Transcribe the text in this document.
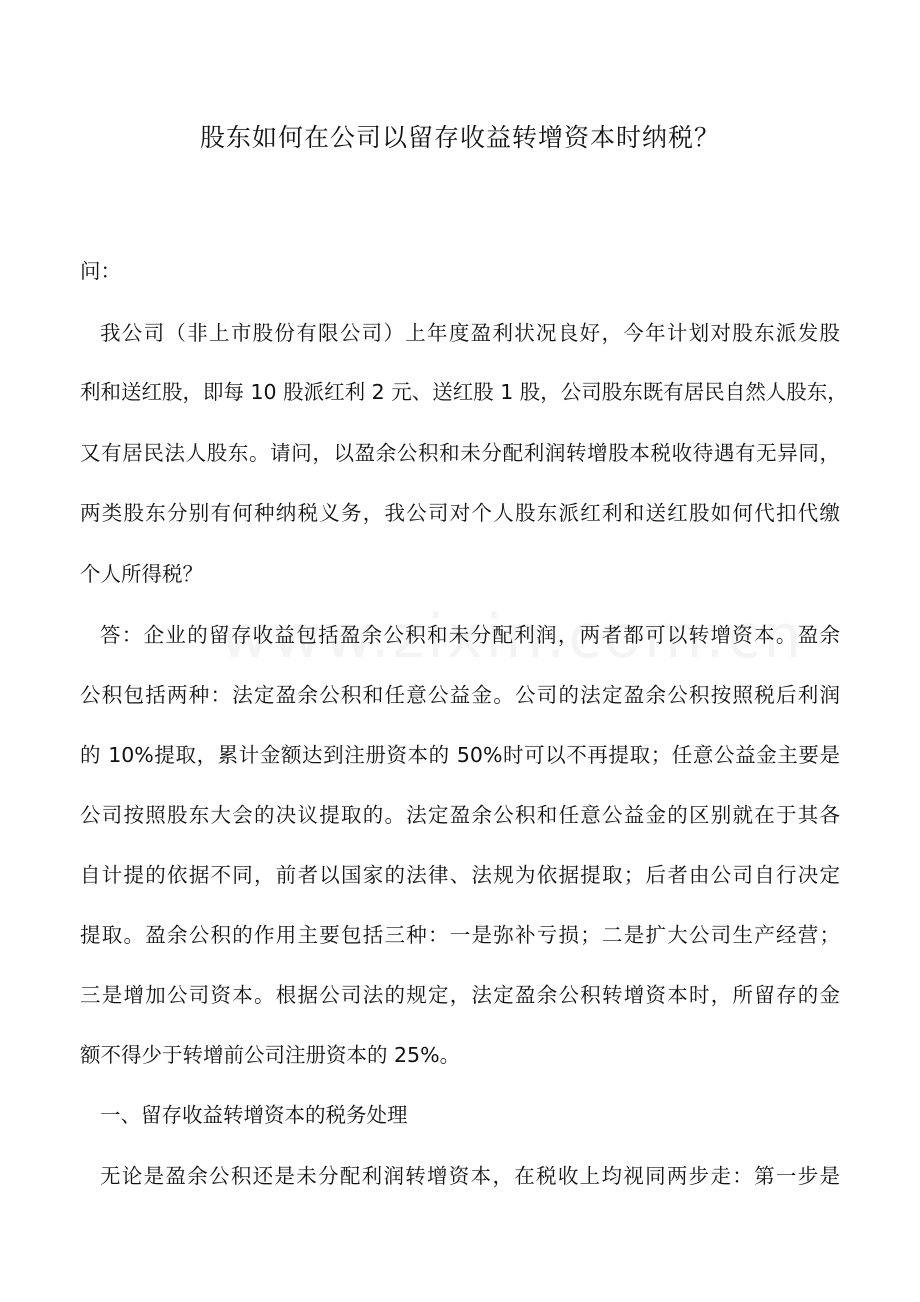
股东如何在公司以留存收益转增资本时纳税？

问：

我公司（非上市股份有限公司）上年度盈利状况良好，今年计划对股东派发股

利和送红股，即每 10 股派红利 2 元、送红股 1 股，公司股东既有居民自然人股东，

又有居民法人股东。请问，以盈余公积和未分配利润转增股本税收待遇有无异同，

两类股东分别有何种纳税义务，我公司对个人股东派红利和送红股如何代扣代缴

个人所得税？

答：企业的留存收益包括盈余公积和未分配利润，两者都可以转增资本。盈余

公积包括两种：法定盈余公积和任意公益金。公司的法定盈余公积按照税后利润

的 10%提取，累计金额达到注册资本的 50%时可以不再提取；任意公益金主要是

公司按照股东大会的决议提取的。法定盈余公积和任意公益金的区别就在于其各

自计提的依据不同，前者以国家的法律、法规为依据提取；后者由公司自行决定

提取。盈余公积的作用主要包括三种：一是弥补亏损；二是扩大公司生产经营；

三是增加公司资本。根据公司法的规定，法定盈余公积转增资本时，所留存的金

额不得少于转增前公司注册资本的 25%。

一、留存收益转增资本的税务处理

无论是盈余公积还是未分配利润转增资本，在税收上均视同两步走：第一步是
